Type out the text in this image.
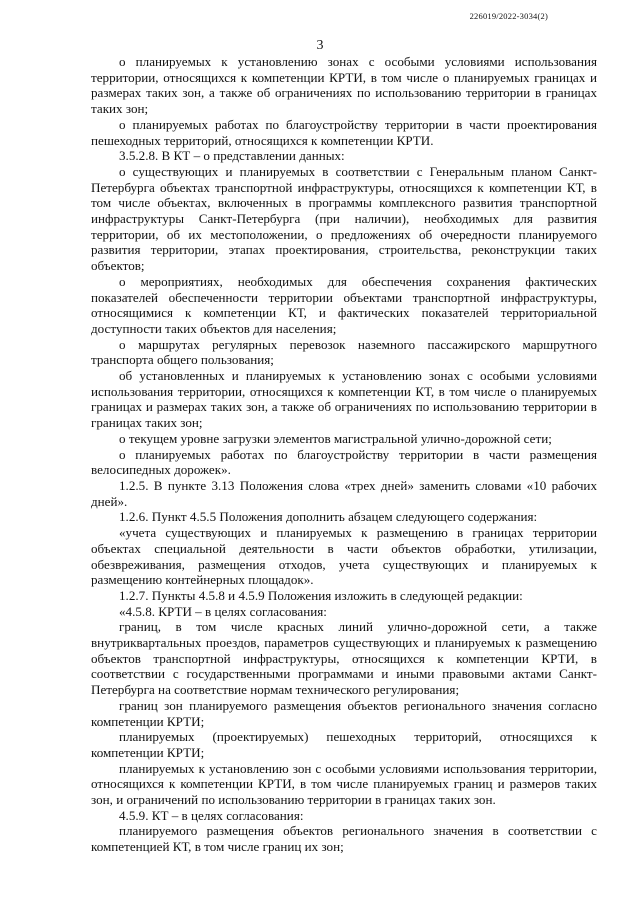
226019/2022-3034(2)
3

о планируемых к установлению зонах с особыми условиями использования территории, относящихся к компетенции КРТИ, в том числе о планируемых границах и размерах таких зон, а также об ограничениях по использованию территории в границах таких зон;

о планируемых работах по благоустройству территории в части проектирования пешеходных территорий, относящихся к компетенции КРТИ.

3.5.2.8. В КТ – о представлении данных:

о существующих и планируемых в соответствии с Генеральным планом Санкт-Петербурга объектах транспортной инфраструктуры, относящихся к компетенции КТ, в том числе объектах, включенных в программы комплексного развития транспортной инфраструктуры Санкт-Петербурга (при наличии), необходимых для развития территории, об их местоположении, о предложениях об очередности планируемого развития территории, этапах проектирования, строительства, реконструкции таких объектов;

о мероприятиях, необходимых для обеспечения сохранения фактических показателей обеспеченности территории объектами транспортной инфраструктуры, относящимися к компетенции КТ, и фактических показателей территориальной доступности таких объектов для населения;

о маршрутах регулярных перевозок наземного пассажирского маршрутного транспорта общего пользования;

об установленных и планируемых к установлению зонах с особыми условиями использования территории, относящихся к компетенции КТ, в том числе о планируемых границах и размерах таких зон, а также об ограничениях по использованию территории в границах таких зон;

о текущем уровне загрузки элементов магистральной улично-дорожной сети;

о планируемых работах по благоустройству территории в части размещения велосипедных дорожек».

1.2.5. В пункте 3.13 Положения слова «трех дней» заменить словами «10 рабочих дней».

1.2.6. Пункт 4.5.5 Положения дополнить абзацем следующего содержания:

«учета существующих и планируемых к размещению в границах территории объектах специальной деятельности в части объектов обработки, утилизации, обезвреживания, размещения отходов, учета существующих и планируемых к размещению контейнерных площадок».

1.2.7. Пункты 4.5.8 и 4.5.9 Положения изложить в следующей редакции:

«4.5.8. КРТИ – в целях согласования:

границ, в том числе красных линий улично-дорожной сети, а также внутриквартальных проездов, параметров существующих и планируемых к размещению объектов транспортной инфраструктуры, относящихся к компетенции КРТИ, в соответствии с государственными программами и иными правовыми актами Санкт-Петербурга на соответствие нормам технического регулирования;

границ зон планируемого размещения объектов регионального значения согласно компетенции КРТИ;

планируемых (проектируемых) пешеходных территорий, относящихся к компетенции КРТИ;

планируемых к установлению зон с особыми условиями использования территории, относящихся к компетенции КРТИ, в том числе планируемых границ и размеров таких зон, и ограничений по использованию территории в границах таких зон.

4.5.9. КТ – в целях согласования:

планируемого размещения объектов регионального значения в соответствии с компетенцией КТ, в том числе границ их зон;
